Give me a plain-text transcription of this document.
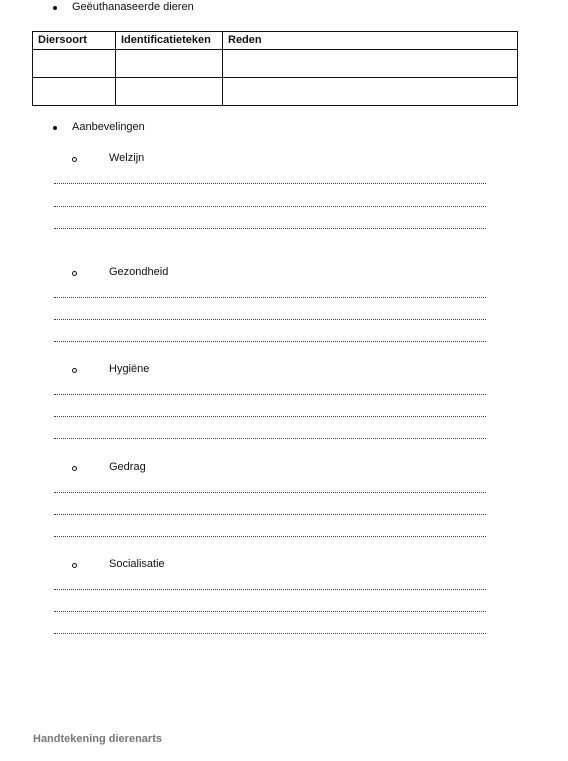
Geëuthanaseerde dieren
Diersoort	Identificatieteken	Reden

Aanbevelingen
Welzijn
Gezondheid
Hygiëne
Gedrag
Socialisatie
Handtekening dierenarts
